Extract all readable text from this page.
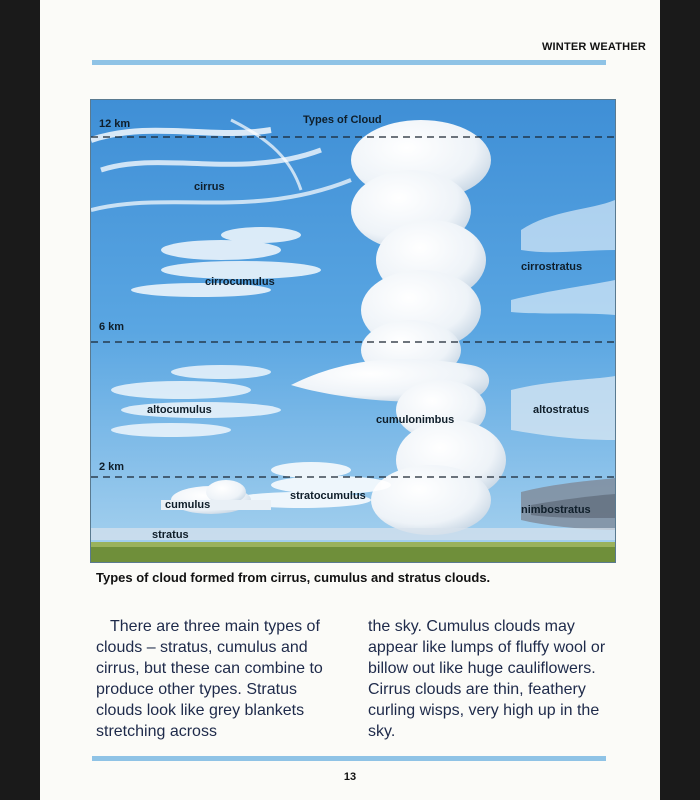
WINTER WEATHER
12 km	Types of Cloud
6 km
2 km
cirrus
cirrocumulus
cirrostratus
altocumulus
cumulonimbus
altostratus
stratocumulus
cumulus	nimbostratus
stratus
Types of cloud formed from cirrus, cumulus and stratus clouds.
There are three main types of clouds – stratus, cumulus and cirrus, but these can combine to produce other types. Stratus clouds look like grey blankets stretching across
the sky. Cumulus clouds may appear like lumps of fluffy wool or billow out like huge cauliflowers. Cirrus clouds are thin, feathery curling wisps, very high up in the sky.
13
